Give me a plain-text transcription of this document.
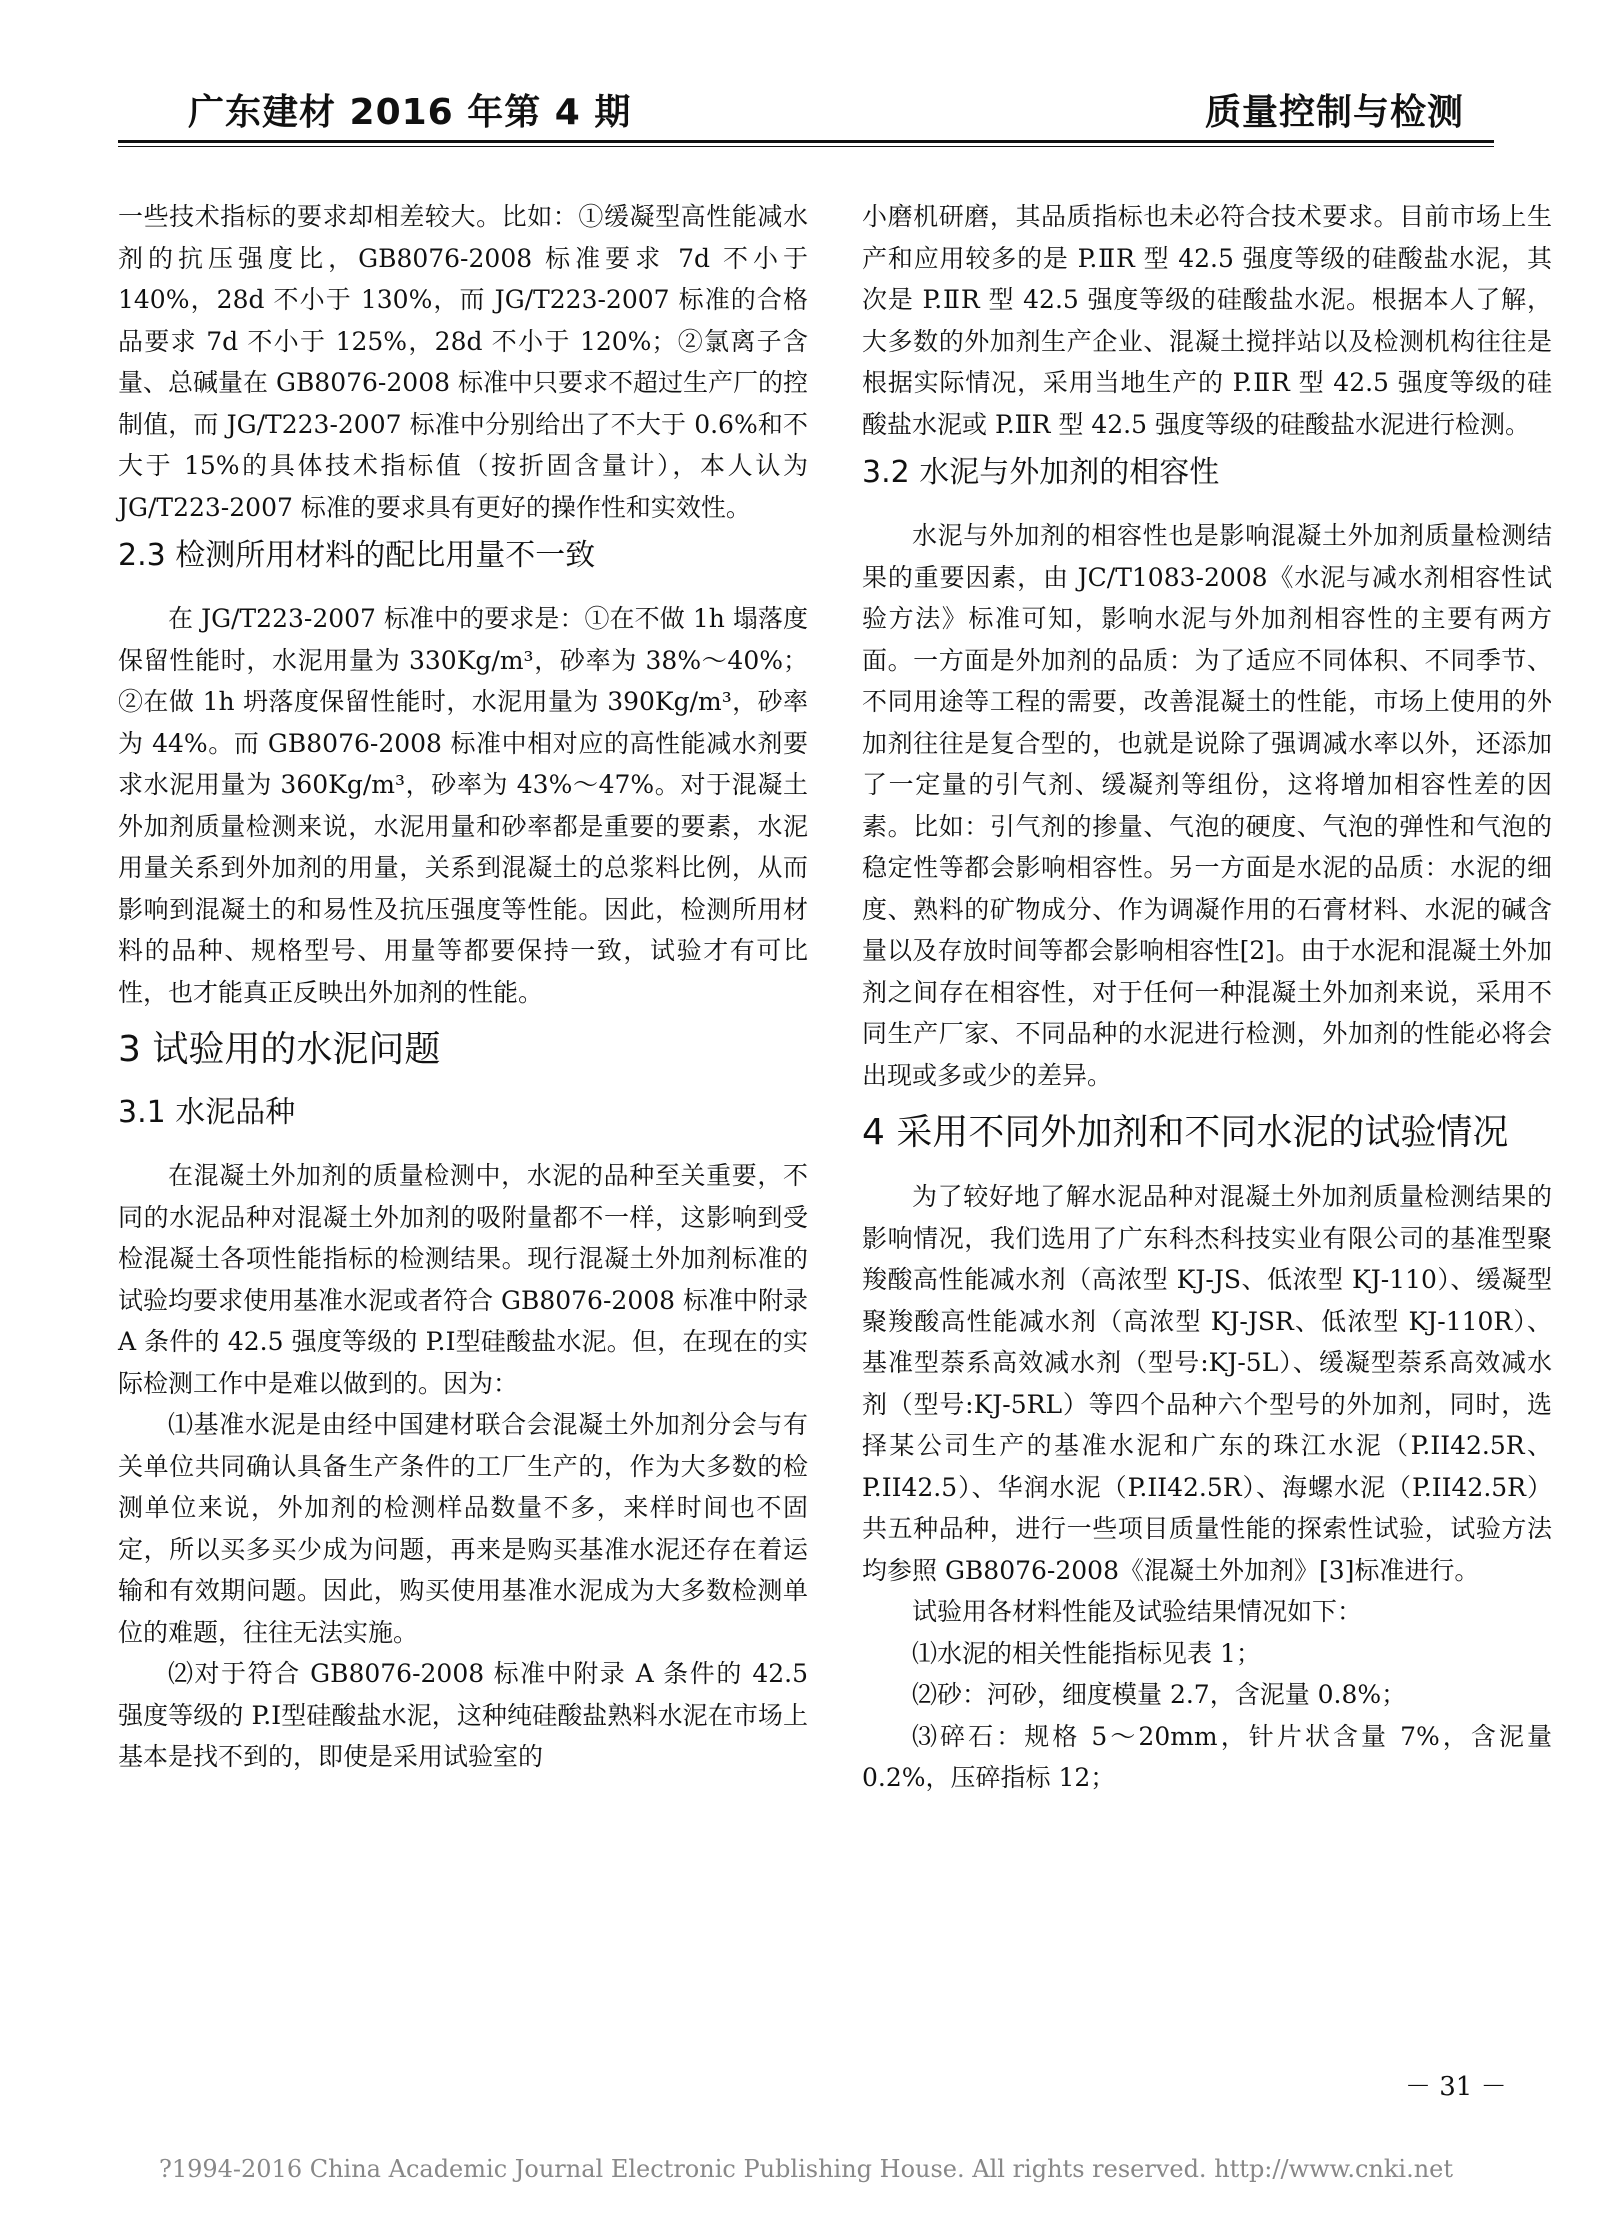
广东建材 2016 年第 4 期	质量控制与检测

一些技术指标的要求却相差较大。比如：①缓凝型高性能减水剂的抗压强度比，GB8076-2008 标准要求 7d 不小于 140%，28d 不小于 130%，而 JG/T223-2007 标准的合格品要求 7d 不小于 125%，28d 不小于 120%；②氯离子含量、总碱量在 GB8076-2008 标准中只要求不超过生产厂的控制值，而 JG/T223-2007 标准中分别给出了不大于 0.6%和不大于 15%的具体技术指标值（按折固含量计），本人认为 JG/T223-2007 标准的要求具有更好的操作性和实效性。

2.3 检测所用材料的配比用量不一致

在 JG/T223-2007 标准中的要求是：①在不做 1h 塌落度保留性能时，水泥用量为 330Kg/m³，砂率为 38%～40%；②在做 1h 坍落度保留性能时，水泥用量为 390Kg/m³，砂率为 44%。而 GB8076-2008 标准中相对应的高性能减水剂要求水泥用量为 360Kg/m³，砂率为 43%～47%。对于混凝土外加剂质量检测来说，水泥用量和砂率都是重要的要素，水泥用量关系到外加剂的用量，关系到混凝土的总浆料比例，从而影响到混凝土的和易性及抗压强度等性能。因此，检测所用材料的品种、规格型号、用量等都要保持一致，试验才有可比性，也才能真正反映出外加剂的性能。

3 试验用的水泥问题
3.1 水泥品种

在混凝土外加剂的质量检测中，水泥的品种至关重要，不同的水泥品种对混凝土外加剂的吸附量都不一样，这影响到受检混凝土各项性能指标的检测结果。现行混凝土外加剂标准的试验均要求使用基准水泥或者符合 GB8076-2008 标准中附录 A 条件的 42.5 强度等级的 P.Ⅰ型硅酸盐水泥。但，在现在的实际检测工作中是难以做到的。因为：

⑴基准水泥是由经中国建材联合会混凝土外加剂分会与有关单位共同确认具备生产条件的工厂生产的，作为大多数的检测单位来说，外加剂的检测样品数量不多，来样时间也不固定，所以买多买少成为问题，再来是购买基准水泥还存在着运输和有效期问题。因此，购买使用基准水泥成为大多数检测单位的难题，往往无法实施。

⑵对于符合 GB8076-2008 标准中附录 A 条件的 42.5 强度等级的 P.Ⅰ型硅酸盐水泥，这种纯硅酸盐熟料水泥在市场上基本是找不到的，即使是采用试验室的

小磨机研磨，其品质指标也未必符合技术要求。目前市场上生产和应用较多的是 P.ⅡR 型 42.5 强度等级的硅酸盐水泥，其次是 P.ⅡR 型 42.5 强度等级的硅酸盐水泥。根据本人了解，大多数的外加剂生产企业、混凝土搅拌站以及检测机构往往是根据实际情况，采用当地生产的 P.ⅡR 型 42.5 强度等级的硅酸盐水泥或 P.ⅡR 型 42.5 强度等级的硅酸盐水泥进行检测。

3.2 水泥与外加剂的相容性

水泥与外加剂的相容性也是影响混凝土外加剂质量检测结果的重要因素，由 JC/T1083-2008《水泥与减水剂相容性试验方法》标准可知，影响水泥与外加剂相容性的主要有两方面。一方面是外加剂的品质：为了适应不同体积、不同季节、不同用途等工程的需要，改善混凝土的性能，市场上使用的外加剂往往是复合型的，也就是说除了强调减水率以外，还添加了一定量的引气剂、缓凝剂等组份，这将增加相容性差的因素。比如：引气剂的掺量、气泡的硬度、气泡的弹性和气泡的稳定性等都会影响相容性。另一方面是水泥的品质：水泥的细度、熟料的矿物成分、作为调凝作用的石膏材料、水泥的碱含量以及存放时间等都会影响相容性[2]。由于水泥和混凝土外加剂之间存在相容性，对于任何一种混凝土外加剂来说，采用不同生产厂家、不同品种的水泥进行检测，外加剂的性能必将会出现或多或少的差异。

4 采用不同外加剂和不同水泥的试验情况

为了较好地了解水泥品种对混凝土外加剂质量检测结果的影响情况，我们选用了广东科杰科技实业有限公司的基准型聚羧酸高性能减水剂（高浓型 KJ-JS、低浓型 KJ-110）、缓凝型聚羧酸高性能减水剂（高浓型 KJ-JSR、低浓型 KJ-110R）、基准型萘系高效减水剂（型号:KJ-5L）、缓凝型萘系高效减水剂（型号:KJ-5RL）等四个品种六个型号的外加剂，同时，选择某公司生产的基准水泥和广东的珠江水泥（P.II42.5R、P.II42.5）、华润水泥（P.II42.5R）、海螺水泥（P.II42.5R）共五种品种，进行一些项目质量性能的探索性试验，试验方法均参照 GB8076-2008《混凝土外加剂》[3]标准进行。

试验用各材料性能及试验结果情况如下：

⑴水泥的相关性能指标见表 1；

⑵砂：河砂，细度模量 2.7，含泥量 0.8%；

⑶碎石：规格 5～20mm，针片状含量 7%，含泥量 0.2%，压碎指标 12；

－ 31 －
?1994-2016 China Academic Journal Electronic Publishing House. All rights reserved. http://www.cnki.net
